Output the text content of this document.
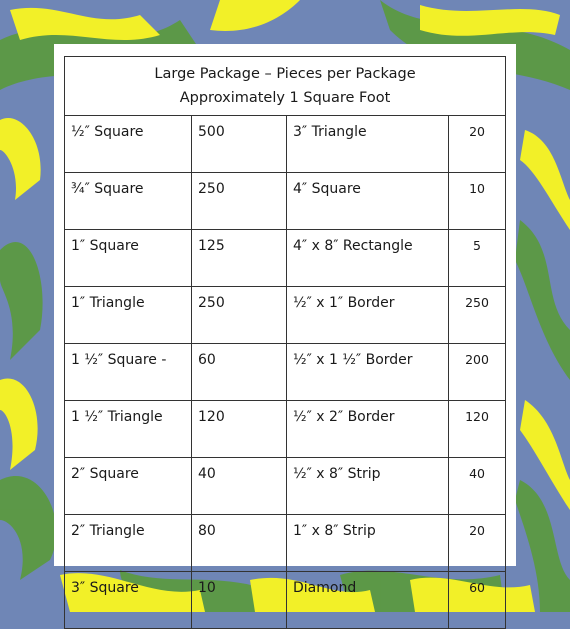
Large Package – Pieces per Package
Approximately 1 Square Foot			

½″ Square	500	3″ Triangle	20
¾″ Square	250	4″ Square	10
1″ Square	125	4″ x 8″ Rectangle	5
1″ Triangle	250	½″ x 1″ Border	250
1 ½″ Square -	60	½″ x 1 ½″ Border	200
1 ½″ Triangle	120	½″ x 2″ Border	120
2″ Square	40	½″ x 8″ Strip	40
2″ Triangle	80	1″ x 8″ Strip	20
3″ Square	10	Diamond	60
